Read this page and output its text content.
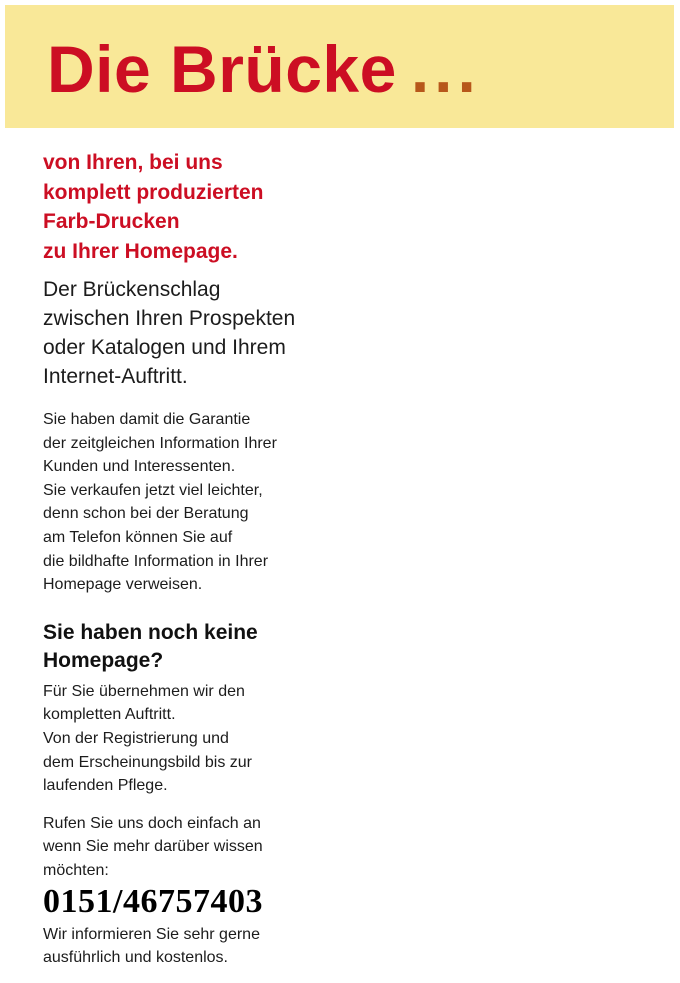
Die Brücke ...

von Ihren, bei uns
komplett produzierten
Farb-Drucken
zu Ihrer Homepage.

Der Brückenschlag
zwischen Ihren Prospekten
oder Katalogen und Ihrem
Internet-Auftritt.

Sie haben damit die Garantie
der zeitgleichen Information Ihrer
Kunden und Interessenten.
Sie verkaufen jetzt viel leichter,
denn schon bei der Beratung
am Telefon können Sie auf
die bildhafte Information in Ihrer
Homepage verweisen.

Sie haben noch keine
Homepage?

Für Sie übernehmen wir den
kompletten Auftritt.
Von der Registrierung und
dem Erscheinungsbild bis zur
laufenden Pflege.

Rufen Sie uns doch einfach an
wenn Sie mehr darüber wissen
möchten:

0151/46757403

Wir informieren Sie sehr gerne
ausführlich und kostenlos.
